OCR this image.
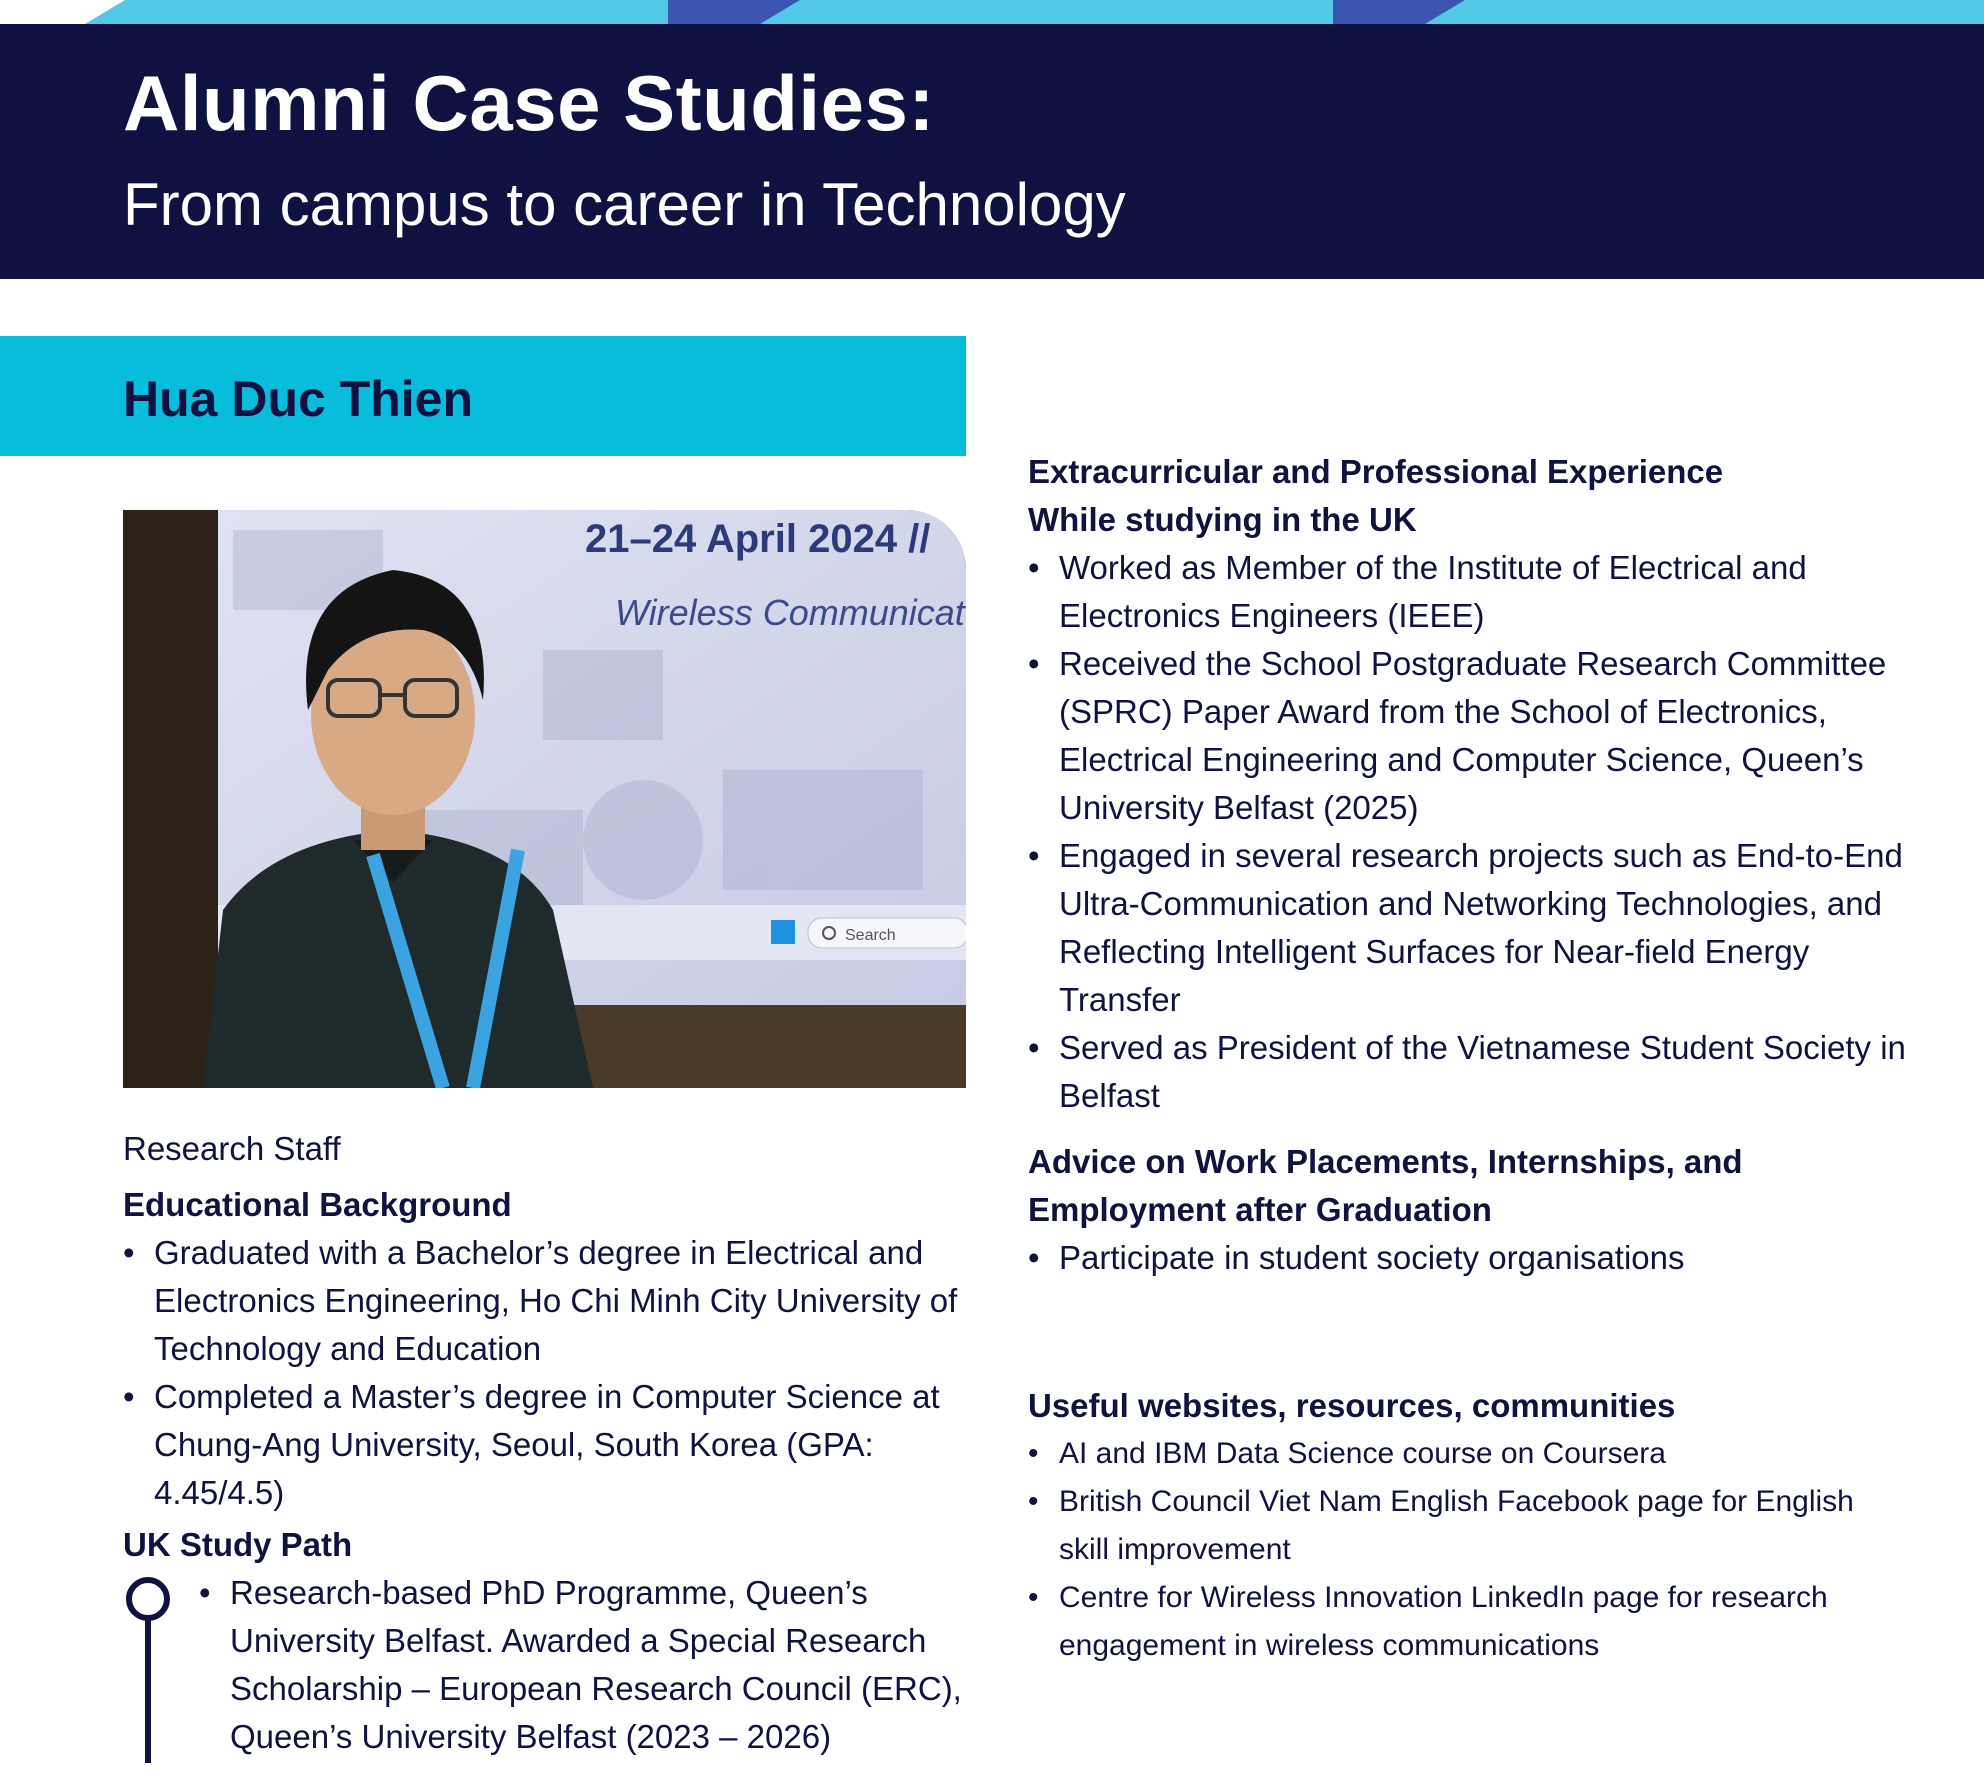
Alumni Case Studies:
From campus to career in Technology
Hua Duc Thien
21–24 April 2024 //
Wireless Communicat
Search

Research Staff

Educational Background
• Graduated with a Bachelor’s degree in Electrical and Electronics Engineering, Ho Chi Minh City University of Technology and Education
• Completed a Master’s degree in Computer Science at Chung-Ang University, Seoul, South Korea (GPA: 4.45/4.5)
UK Study Path
• Research-based PhD Programme, Queen’s University Belfast. Awarded a Special Research Scholarship – European Research Council (ERC), Queen’s University Belfast (2023 – 2026)
Extracurricular and Professional Experience
While studying in the UK
• Worked as Member of the Institute of Electrical and Electronics Engineers (IEEE)
• Received the School Postgraduate Research Committee (SPRC) Paper Award from the School of Electronics, Electrical Engineering and Computer Science, Queen’s University Belfast (2025)
• Engaged in several research projects such as End-to-End Ultra-Communication and Networking Technologies, and Reflecting Intelligent Surfaces for Near-field Energy Transfer
• Served as President of the Vietnamese Student Society in Belfast
Advice on Work Placements, Internships, and Employment after Graduation
• Participate in student society organisations
Useful websites, resources, communities
• AI and IBM Data Science course on Coursera
• British Council Viet Nam English Facebook page for English skill improvement
• Centre for Wireless Innovation LinkedIn page for research engagement in wireless communications
